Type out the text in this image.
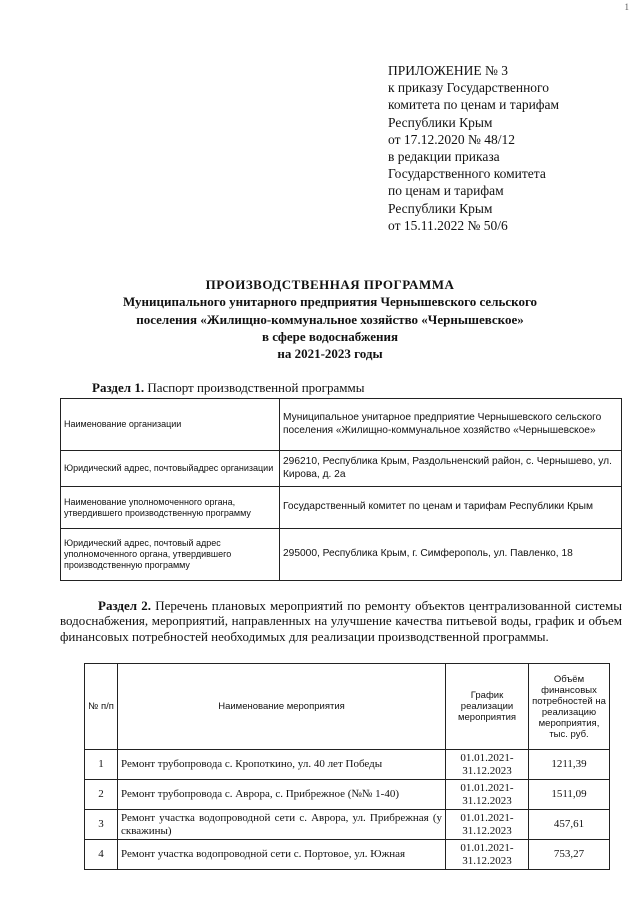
1
ПРИЛОЖЕНИЕ № 3
к приказу Государственного
комитета по ценам и тарифам
Республики Крым
от 17.12.2020 № 48/12
в редакции приказа
Государственного комитета
по ценам и тарифам
Республики Крым
от 15.11.2022 № 50/6
ПРОИЗВОДСТВЕННАЯ ПРОГРАММА
Муниципального унитарного предприятия Чернышевского сельского
поселения «Жилищно-коммунальное хозяйство «Чернышевское»
в сфере водоснабжения
на 2021-2023 годы
Раздел 1. Паспорт производственной программы
Наименование организации	Муниципальное унитарное предприятие Чернышевского сельского поселения «Жилищно-коммунальное хозяйство «Чернышевское»
Юридический адрес, почтовыйадрес организации	296210, Республика Крым, Раздольненский район, с. Чернышево, ул. Кирова, д. 2а
Наименование уполномоченного органа, утвердившего производственную программу	Государственный комитет по ценам и тарифам Республики Крым
Юридический адрес, почтовый адрес уполномоченного органа, утвердившего производственную программу	295000, Республика Крым, г. Симферополь, ул. Павленко, 18
Раздел 2. Перечень плановых мероприятий по ремонту объектов централизованной системы водоснабжения, мероприятий, направленных на улучшение качества питьевой воды, график и объем финансовых потребностей необходимых для реализации производственной программы.
№ п/п	Наименование мероприятия	График реализации мероприятия	Объём финансовых потребностей на реализацию мероприятия, тыс. руб.
1	Ремонт трубопровода с. Кропоткино, ул. 40 лет Победы	01.01.2021-31.12.2023	1211,39
2	Ремонт трубопровода с. Аврора, с. Прибрежное (№№ 1-40)	01.01.2021-31.12.2023	1511,09
3	Ремонт участка водопроводной сети с. Аврора, ул. Прибрежная (у скважины)	01.01.2021-31.12.2023	457,61
4	Ремонт участка водопроводной сети с. Портовое, ул. Южная	01.01.2021-31.12.2023	753,27
